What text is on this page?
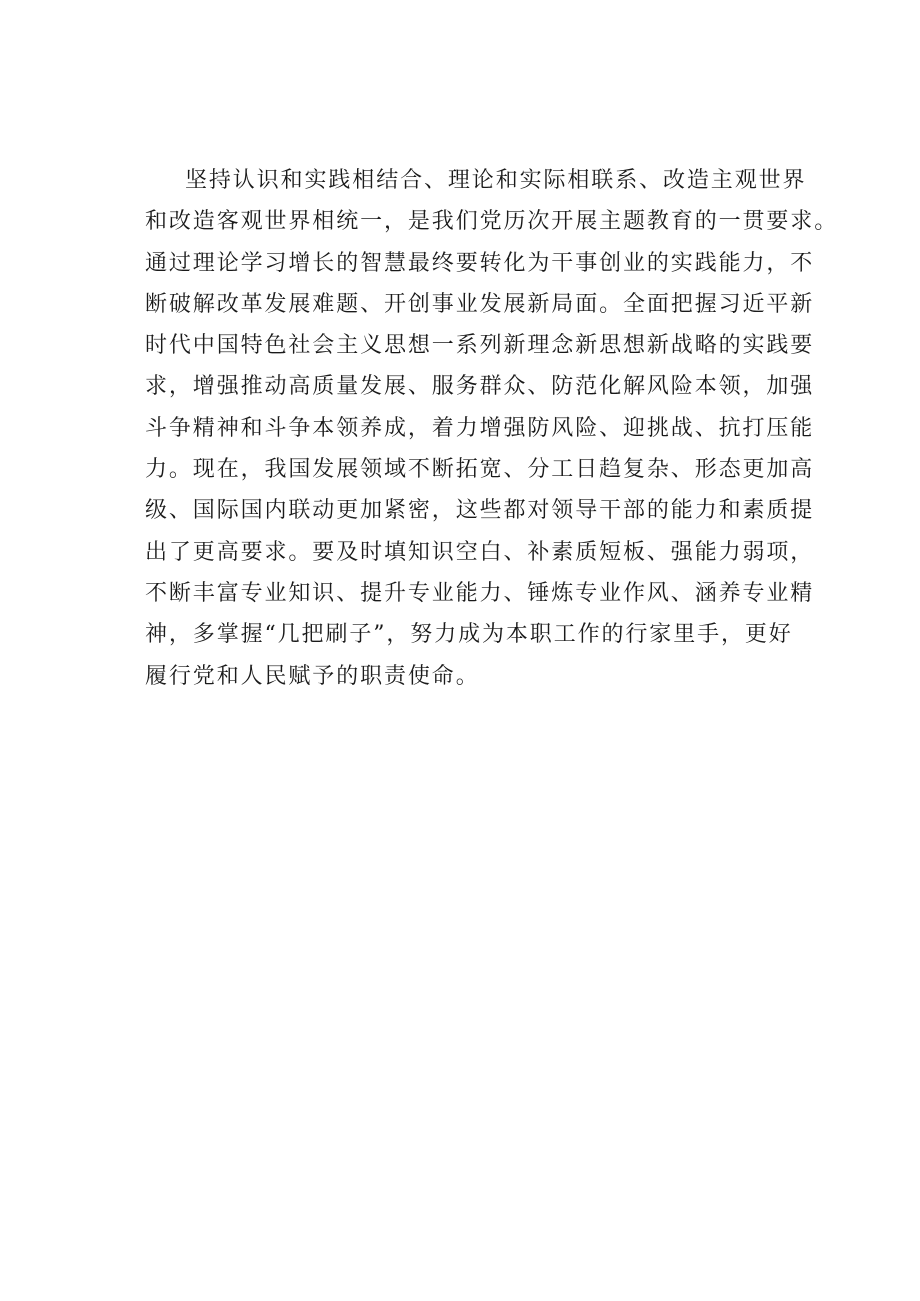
坚持认识和实践相结合、理论和实际相联系、改造主观世界
和改造客观世界相统一，是我们党历次开展主题教育的一贯要求。
通过理论学习增长的智慧最终要转化为干事创业的实践能力，不
断破解改革发展难题、开创事业发展新局面。全面把握习近平新
时代中国特色社会主义思想一系列新理念新思想新战略的实践要
求，增强推动高质量发展、服务群众、防范化解风险本领，加强
斗争精神和斗争本领养成，着力增强防风险、迎挑战、抗打压能
力。现在，我国发展领域不断拓宽、分工日趋复杂、形态更加高
级、国际国内联动更加紧密，这些都对领导干部的能力和素质提
出了更高要求。要及时填知识空白、补素质短板、强能力弱项，
不断丰富专业知识、提升专业能力、锤炼专业作风、涵养专业精
神，多掌握“几把刷子”，努力成为本职工作的行家里手，更好
履行党和人民赋予的职责使命。
